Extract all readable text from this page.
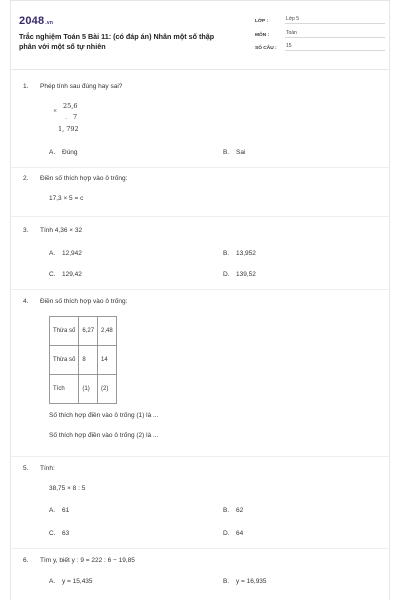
2048.vn
Trắc nghiệm Toán 5 Bài 11: (có đáp án) Nhân một số thập phân với một số tự nhiên
LỚP :	Lớp 5
MÔN :	Toán
SỐ CÂU :	15
1. Phép tính sau đúng hay sai?
×
25,6
_ 7
1, 792
A. Đúng	B. Sai
2. Điền số thích hợp vào ô trống:
17,3 × 5 = c
3. Tính 4,36 × 32
A. 12,942	B. 13,952
C. 129,42	D. 139,52
4. Điền số thích hợp vào ô trống:
Thừa số	6,27	2,48
Thừa số	8	14
Tích	(1)	(2)
Số thích hợp điền vào ô trống (1) là ...
Số thích hợp điền vào ô trống (2) là ...
5. Tính:
38,75 × 8 : 5
A. 61	B. 62
C. 63	D. 64
6. Tìm y, biết y : 9 = 222 : 6 − 19,85
A. y = 15,435	B. y = 16,935
